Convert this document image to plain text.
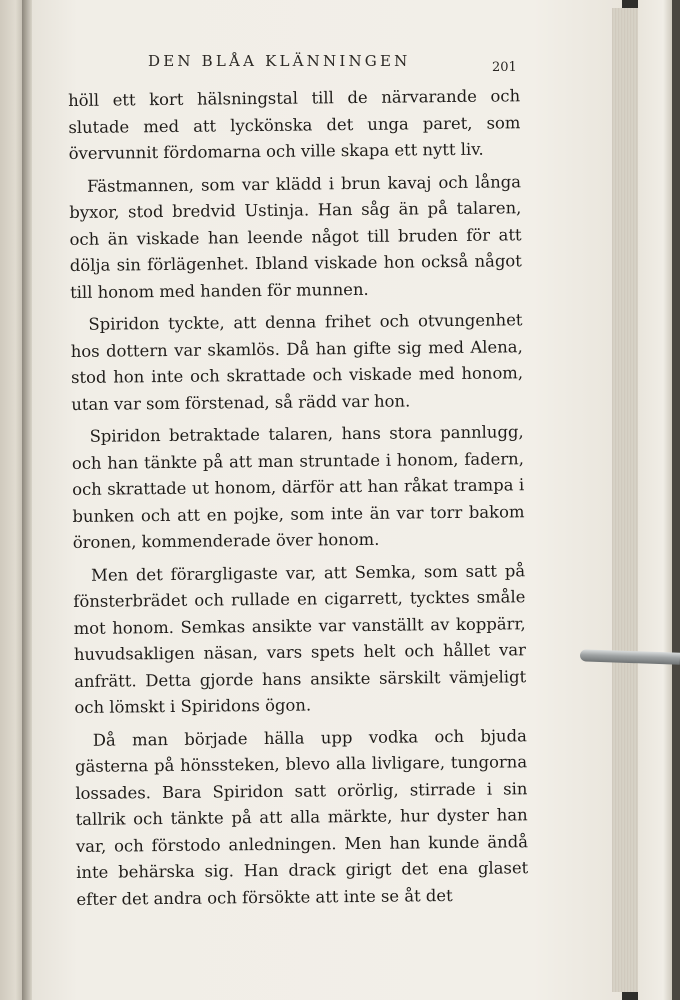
DEN BLÅA KLÄNNINGEN	201

höll ett kort hälsningstal till de närvarande och slutade med att lyckönska det unga paret, som övervunnit fördomarna och ville skapa ett nytt liv.

Fästmannen, som var klädd i brun kavaj och långa byxor, stod bredvid Ustinja. Han såg än på talaren, och än viskade han leende något till bruden för att dölja sin förlägenhet. Ibland viskade hon också något till honom med handen för munnen.

Spiridon tyckte, att denna frihet och otvungenhet hos dottern var skamlös. Då han gifte sig med Alena, stod hon inte och skrattade och viskade med honom, utan var som förstenad, så rädd var hon.

Spiridon betraktade talaren, hans stora pannlugg, och han tänkte på att man struntade i honom, fadern, och skrattade ut honom, därför att han råkat trampa i bunken och att en pojke, som inte än var torr bakom öronen, kommenderade över honom.

Men det förargligaste var, att Semka, som satt på fönsterbrädet och rullade en cigarrett, tycktes småle mot honom. Semkas ansikte var vanställt av koppärr, huvudsakligen näsan, vars spets helt och hållet var anfrätt. Detta gjorde hans ansikte särskilt vämjeligt och lömskt i Spiridons ögon.

Då man började hälla upp vodka och bjuda gästerna på hönssteken, blevo alla livligare, tungorna lossades. Bara Spiridon satt orörlig, stirrade i sin tallrik och tänkte på att alla märkte, hur dyster han var, och förstodo anledningen. Men han kunde ändå inte behärska sig. Han drack girigt det ena glaset efter det andra och försökte att inte se åt det
